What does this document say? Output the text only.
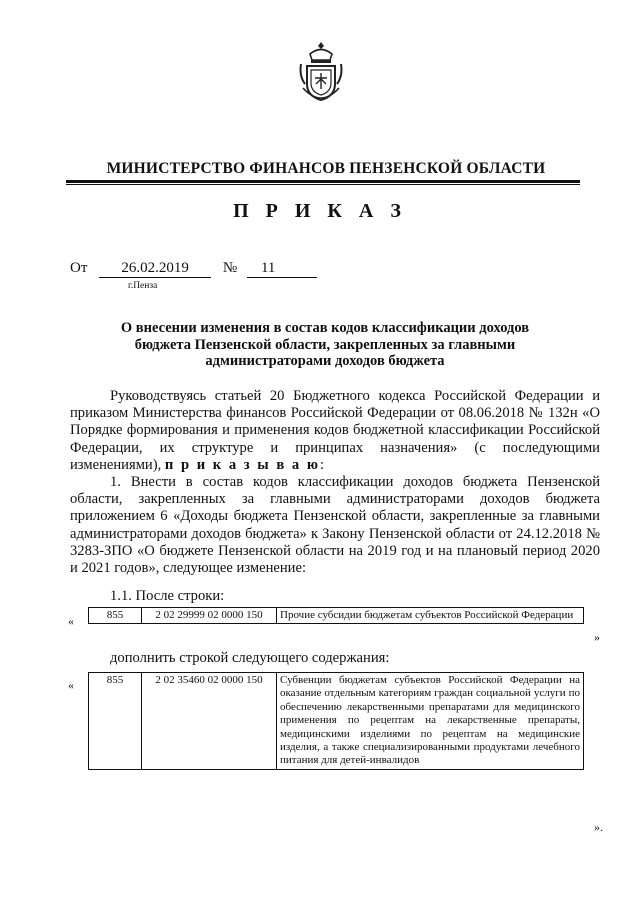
МИНИСТЕРСТВО ФИНАНСОВ ПЕНЗЕНСКОЙ ОБЛАСТИ
П Р И К А З
От 26.02.2019 № 11
г.Пенза
О внесении изменения в состав кодов классификации доходов бюджета Пензенской области, закрепленных за главными администраторами доходов бюджета

Руководствуясь статьей 20 Бюджетного кодекса Российской Федерации и приказом Министерства финансов Российской Федерации от 08.06.2018 № 132н «О Порядке формирования и применения кодов бюджетной классификации Российской Федерации, их структуре и принципах назначения» (с последующими изменениями), п р и к а з ы в а ю:

1. Внести в состав кодов классификации доходов бюджета Пензенской области, закрепленных за главными администраторами доходов бюджета приложением 6 «Доходы бюджета Пензенской области, закрепленные за главными администраторами доходов бюджета» к Закону Пензенской области от 24.12.2018 № 3283-ЗПО «О бюджете Пензенской области на 2019 год и на плановый период 2020 и 2021 годов», следующее изменение:

1.1. После строки:
«	855	2 02 29999 02 0000 150	Прочие субсидии бюджетам субъектов Российской Федерации
»
дополнить строкой следующего содержания:
«	855	2 02 35460 02 0000 150	Субвенции бюджетам субъектов Российской Федерации на оказание отдельным категориям граждан социальной услуги по обеспечению лекарственными препаратами для медицинского применения по рецептам на лекарственные препараты, медицинскими изделиями по рецептам на медицинские изделия, а также специализированными продуктами лечебного питания для детей-инвалидов
».
